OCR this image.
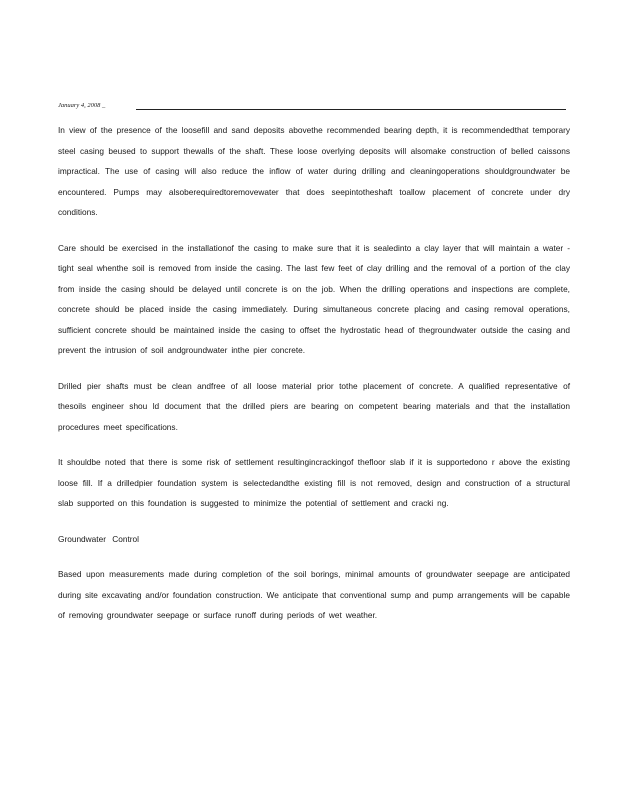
January 4, 2008 _

In view of the presence of the loosefill and sand deposits abovethe recommended bearing depth, it is recommendedthat temporary steel casing beused to support thewalls of the shaft. These loose overlying deposits will alsomake construction of belled caissons impractical. The use of casing will also reduce the inflow of water during drilling and cleaningoperations shouldgroundwater be encountered. Pumps may alsoberequiredtoremovewater that does seepintotheshaft toallow placement of concrete under dry conditions.

Care should be exercised in the installationof the casing to make sure that it is sealedinto a clay layer that will maintain a water -tight seal whenthe soil is removed from inside the casing. The last few feet of clay drilling and the removal of a portion of the clay from inside the casing should be delayed until concrete is on the job. When the drilling operations and inspections are complete, concrete should be placed inside the casing immediately. During simultaneous concrete placing and casing removal operations, sufficient concrete should be maintained inside the casing to offset the hydrostatic head of thegroundwater outside the casing and prevent the intrusion of soil andgroundwater inthe pier concrete.

Drilled pier shafts must be clean andfree of all loose material prior tothe placement of concrete. A qualified representative of thesoils engineer shou ld document that the drilled piers are bearing on competent bearing materials and that the installation procedures meet specifications.

It shouldbe noted that there is some risk of settlement resultingincrackingof thefloor slab if it is supportedono r above the existing loose fill. If a drilledpier foundation system is selectedandthe existing fill is not removed, design and construction of a structural slab supported on this foundation is suggested to minimize the potential of settlement and cracki ng.

Groundwater Control

Based upon measurements made during completion of the soil borings, minimal amounts of groundwater seepage are anticipated during site excavating and/or foundation construction. We anticipate that conventional sump and pump arrangements will be capable of removing groundwater seepage or surface runoff during periods of wet weather.
